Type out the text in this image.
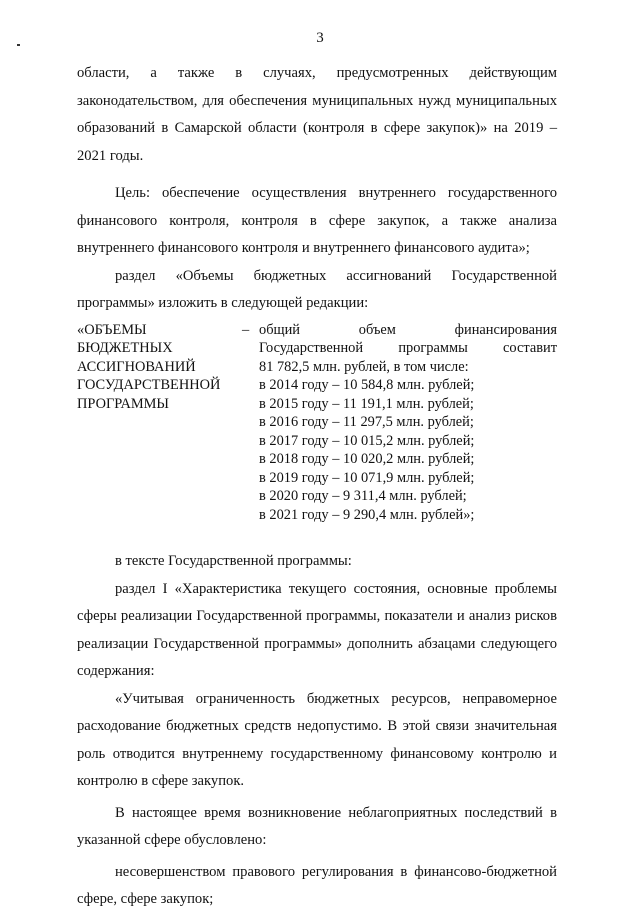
3

области, а также в случаях, предусмотренных действующим законодательством, для обеспечения муниципальных нужд муниципальных образований в Самарской области (контроля в сфере закупок)» на 2019 – 2021 годы.

Цель: обеспечение осуществления внутреннего государственного финансового контроля, контроля в сфере закупок, а также анализа внутреннего финансового контроля и внутреннего финансового аудита»;

раздел «Объемы бюджетных ассигнований Государственной программы» изложить в следующей редакции:

«ОБЪЕМЫ
БЮДЖЕТНЫХ
АССИГНОВАНИЙ
ГОСУДАРСТВЕННОЙ
ПРОГРАММЫ
– общий объем финансирования
Государственной программы составит
81 782,5 млн. рублей, в том числе:
в 2014 году – 10 584,8 млн. рублей;
в 2015 году – 11 191,1 млн. рублей;
в 2016 году – 11 297,5 млн. рублей;
в 2017 году – 10 015,2 млн. рублей;
в 2018 году – 10 020,2 млн. рублей;
в 2019 году – 10 071,9 млн. рублей;
в 2020 году – 9 311,4 млн. рублей;
в 2021 году – 9 290,4 млн. рублей»;

в тексте Государственной программы:

раздел I «Характеристика текущего состояния, основные проблемы сферы реализации Государственной программы, показатели и анализ рисков реализации Государственной программы» дополнить абзацами следующего содержания:

«Учитывая ограниченность бюджетных ресурсов, неправомерное расходование бюджетных средств недопустимо. В этой связи значительная роль отводится внутреннему государственному финансовому контролю и контролю в сфере закупок.

В настоящее время возникновение неблагоприятных последствий в указанной сфере обусловлено:

несовершенством правового регулирования в финансово-бюджетной сфере, сфере закупок;
